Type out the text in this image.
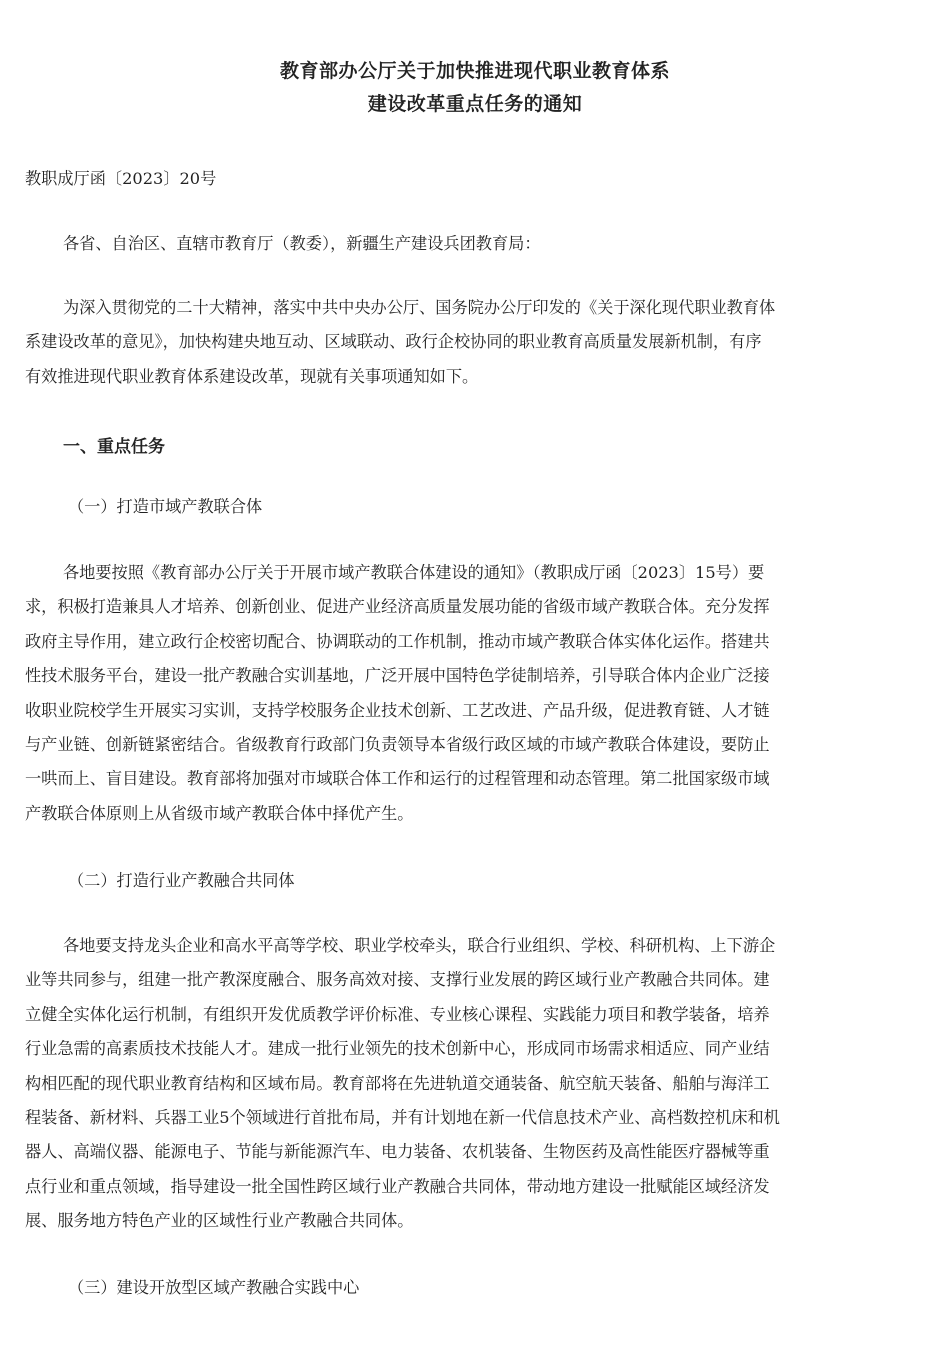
教育部办公厅关于加快推进现代职业教育体系
建设改革重点任务的通知
教职成厅函〔2023〕20号
各省、自治区、直辖市教育厅（教委），新疆生产建设兵团教育局：
为深入贯彻党的二十大精神，落实中共中央办公厅、国务院办公厅印发的《关于深化现代职业教育体
系建设改革的意见》，加快构建央地互动、区域联动、政行企校协同的职业教育高质量发展新机制，有序
有效推进现代职业教育体系建设改革，现就有关事项通知如下。
一、重点任务
（一）打造市域产教联合体
各地要按照《教育部办公厅关于开展市域产教联合体建设的通知》（教职成厅函〔2023〕15号）要
求，积极打造兼具人才培养、创新创业、促进产业经济高质量发展功能的省级市域产教联合体。充分发挥
政府主导作用，建立政行企校密切配合、协调联动的工作机制，推动市域产教联合体实体化运作。搭建共
性技术服务平台，建设一批产教融合实训基地，广泛开展中国特色学徒制培养，引导联合体内企业广泛接
收职业院校学生开展实习实训，支持学校服务企业技术创新、工艺改进、产品升级，促进教育链、人才链
与产业链、创新链紧密结合。省级教育行政部门负责领导本省级行政区域的市域产教联合体建设，要防止
一哄而上、盲目建设。教育部将加强对市域联合体工作和运行的过程管理和动态管理。第二批国家级市域
产教联合体原则上从省级市域产教联合体中择优产生。
（二）打造行业产教融合共同体
各地要支持龙头企业和高水平高等学校、职业学校牵头，联合行业组织、学校、科研机构、上下游企
业等共同参与，组建一批产教深度融合、服务高效对接、支撑行业发展的跨区域行业产教融合共同体。建
立健全实体化运行机制，有组织开发优质教学评价标准、专业核心课程、实践能力项目和教学装备，培养
行业急需的高素质技术技能人才。建成一批行业领先的技术创新中心，形成同市场需求相适应、同产业结
构相匹配的现代职业教育结构和区域布局。教育部将在先进轨道交通装备、航空航天装备、船舶与海洋工
程装备、新材料、兵器工业5个领域进行首批布局，并有计划地在新一代信息技术产业、高档数控机床和机
器人、高端仪器、能源电子、节能与新能源汽车、电力装备、农机装备、生物医药及高性能医疗器械等重
点行业和重点领域，指导建设一批全国性跨区域行业产教融合共同体，带动地方建设一批赋能区域经济发
展、服务地方特色产业的区域性行业产教融合共同体。
（三）建设开放型区域产教融合实践中心
